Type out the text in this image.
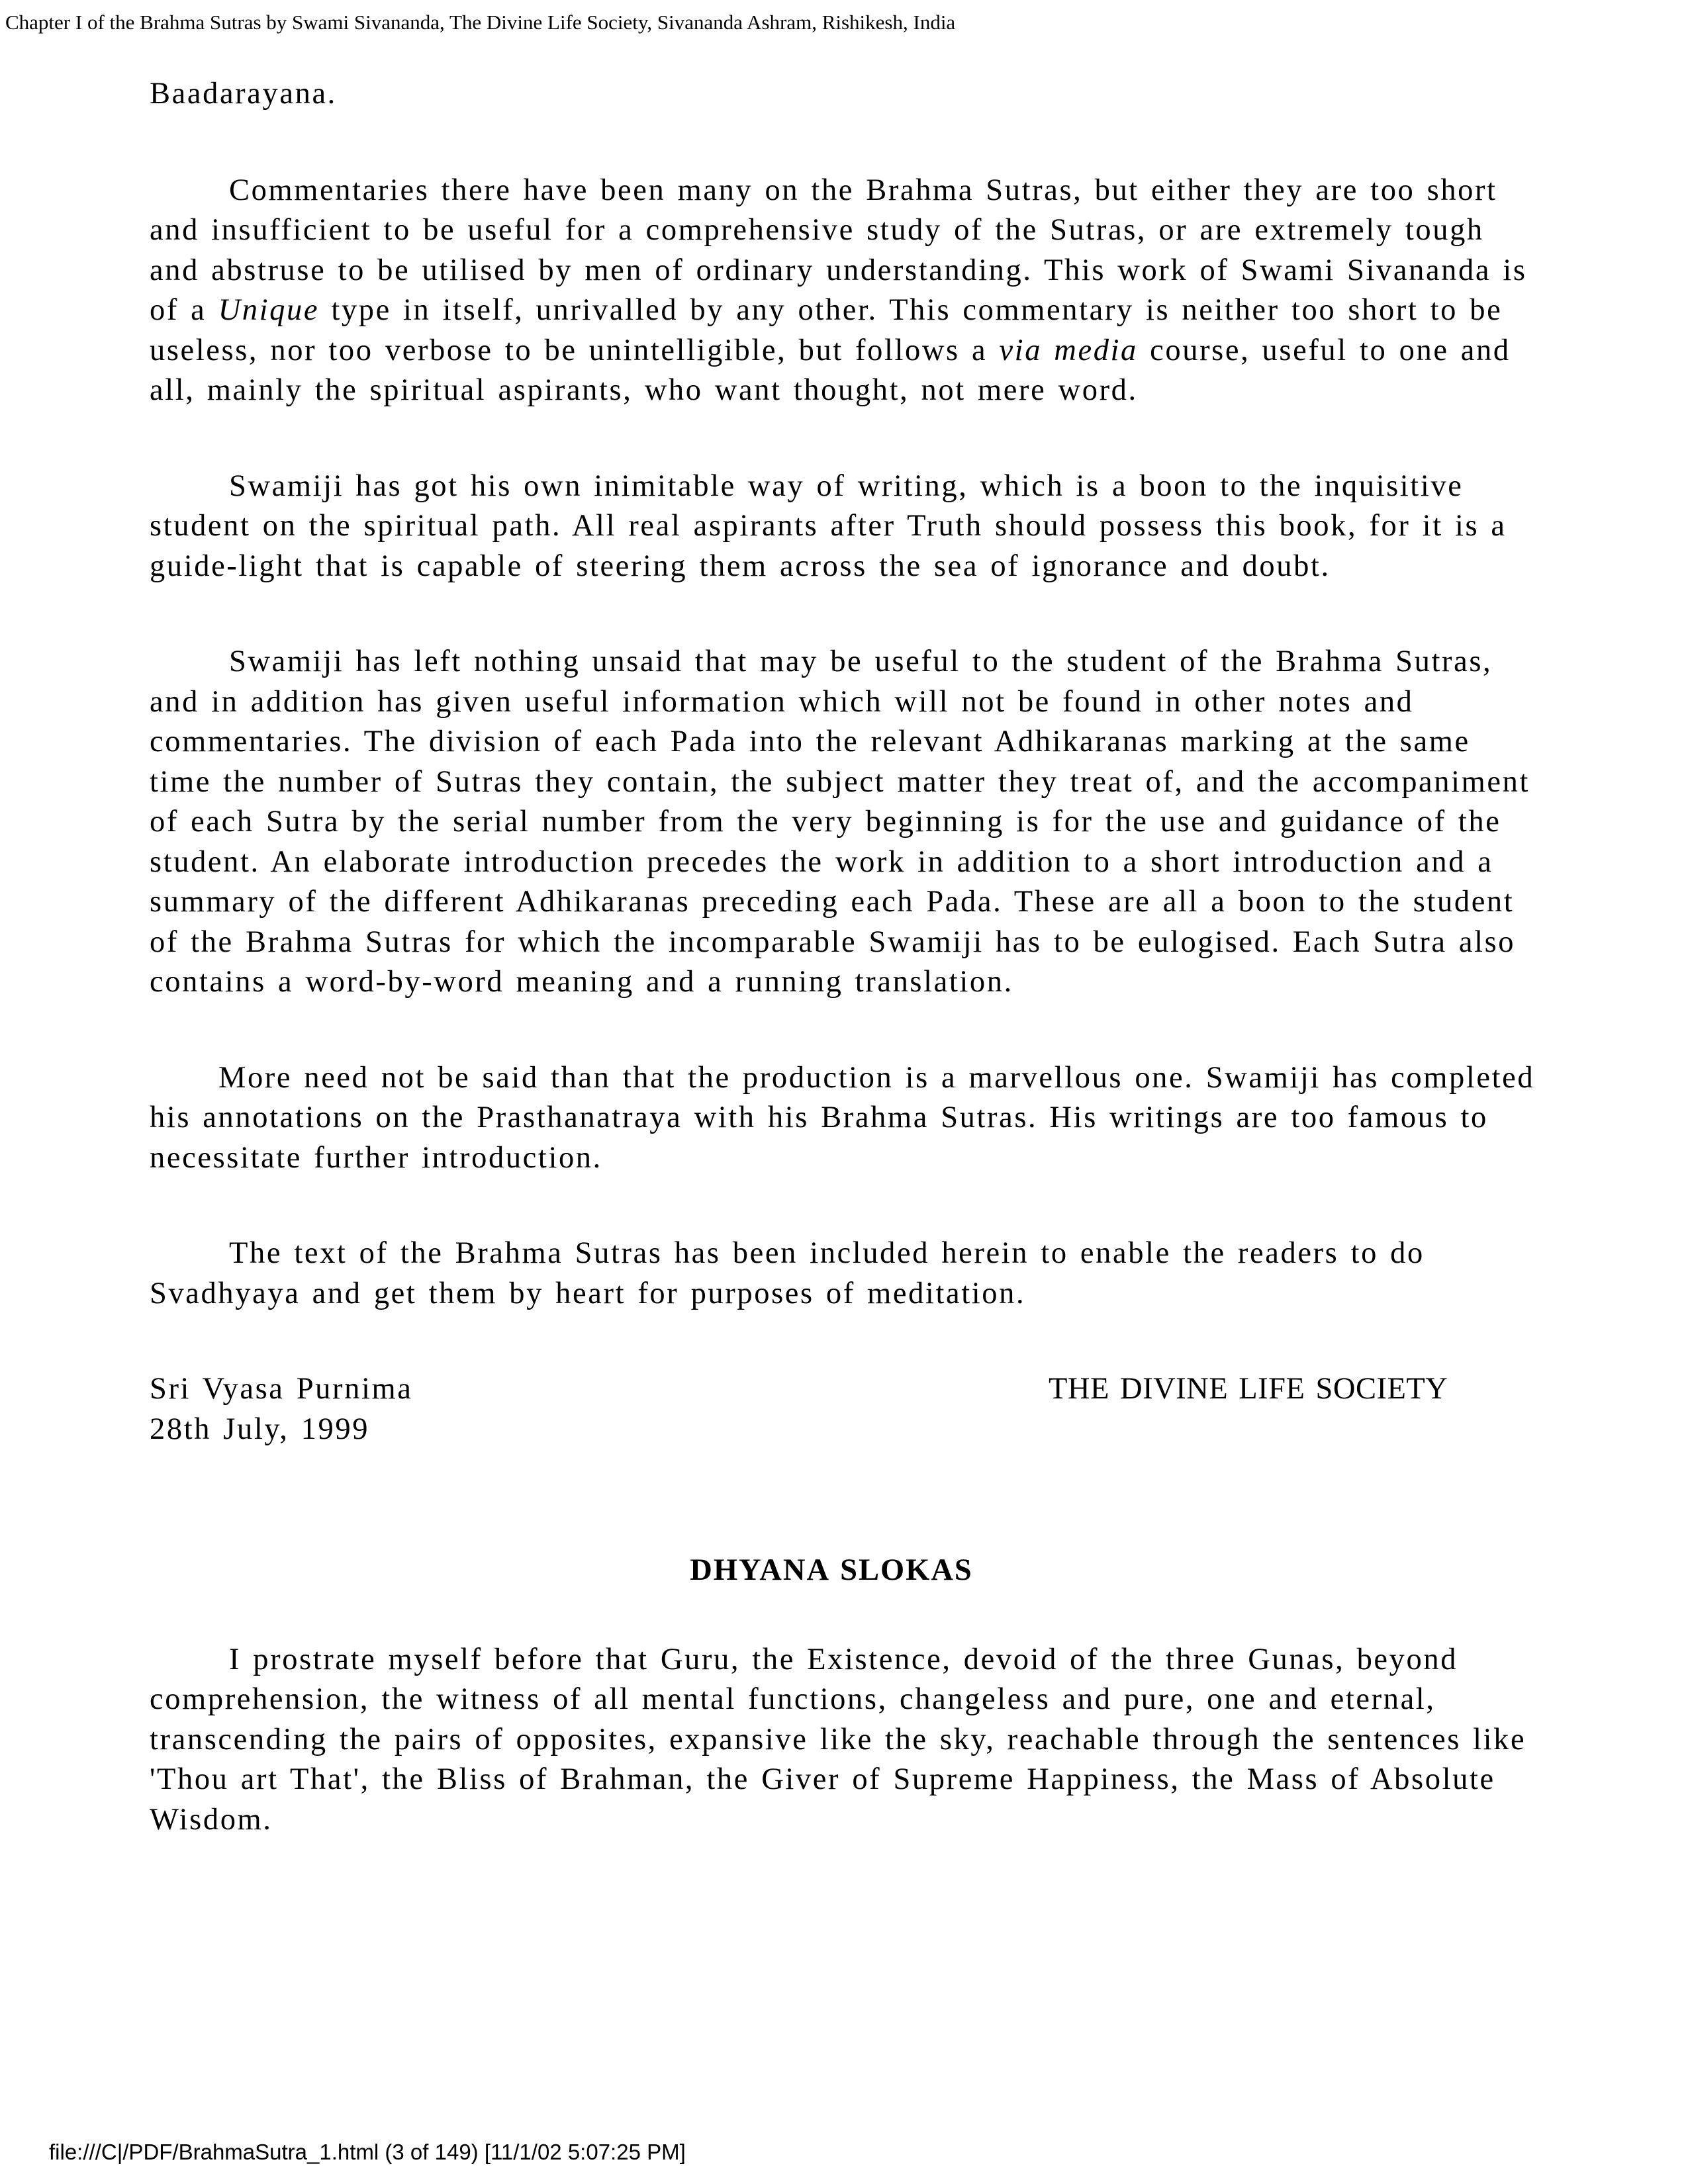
Chapter I of the Brahma Sutras by Swami Sivananda, The Divine Life Society, Sivananda Ashram, Rishikesh, India

Baadarayana.

Commentaries there have been many on the Brahma Sutras, but either they are too short and insufficient to be useful for a comprehensive study of the Sutras, or are extremely tough and abstruse to be utilised by men of ordinary understanding. This work of Swami Sivananda is of a Unique type in itself, unrivalled by any other. This commentary is neither too short to be useless, nor too verbose to be unintelligible, but follows a via media course, useful to one and all, mainly the spiritual aspirants, who want thought, not mere word.

Swamiji has got his own inimitable way of writing, which is a boon to the inquisitive student on the spiritual path. All real aspirants after Truth should possess this book, for it is a guide-light that is capable of steering them across the sea of ignorance and doubt.

Swamiji has left nothing unsaid that may be useful to the student of the Brahma Sutras, and in addition has given useful information which will not be found in other notes and commentaries. The division of each Pada into the relevant Adhikaranas marking at the same time the number of Sutras they contain, the subject matter they treat of, and the accompaniment of each Sutra by the serial number from the very beginning is for the use and guidance of the student. An elaborate introduction precedes the work in addition to a short introduction and a summary of the different Adhikaranas preceding each Pada. These are all a boon to the student of the Brahma Sutras for which the incomparable Swamiji has to be eulogised. Each Sutra also contains a word-by-word meaning and a running translation.

More need not be said than that the production is a marvellous one. Swamiji has completed his annotations on the Prasthanatraya with his Brahma Sutras. His writings are too famous to necessitate further introduction.

The text of the Brahma Sutras has been included herein to enable the readers to do Svadhyaya and get them by heart for purposes of meditation.

Sri Vyasa Purnima
28th July, 1999
THE DIVINE LIFE SOCIETY

DHYANA SLOKAS

I prostrate myself before that Guru, the Existence, devoid of the three Gunas, beyond comprehension, the witness of all mental functions, changeless and pure, one and eternal, transcending the pairs of opposites, expansive like the sky, reachable through the sentences like 'Thou art That', the Bliss of Brahman, the Giver of Supreme Happiness, the Mass of Absolute Wisdom.

file:///C|/PDF/BrahmaSutra_1.html (3 of 149) [11/1/02 5:07:25 PM]
